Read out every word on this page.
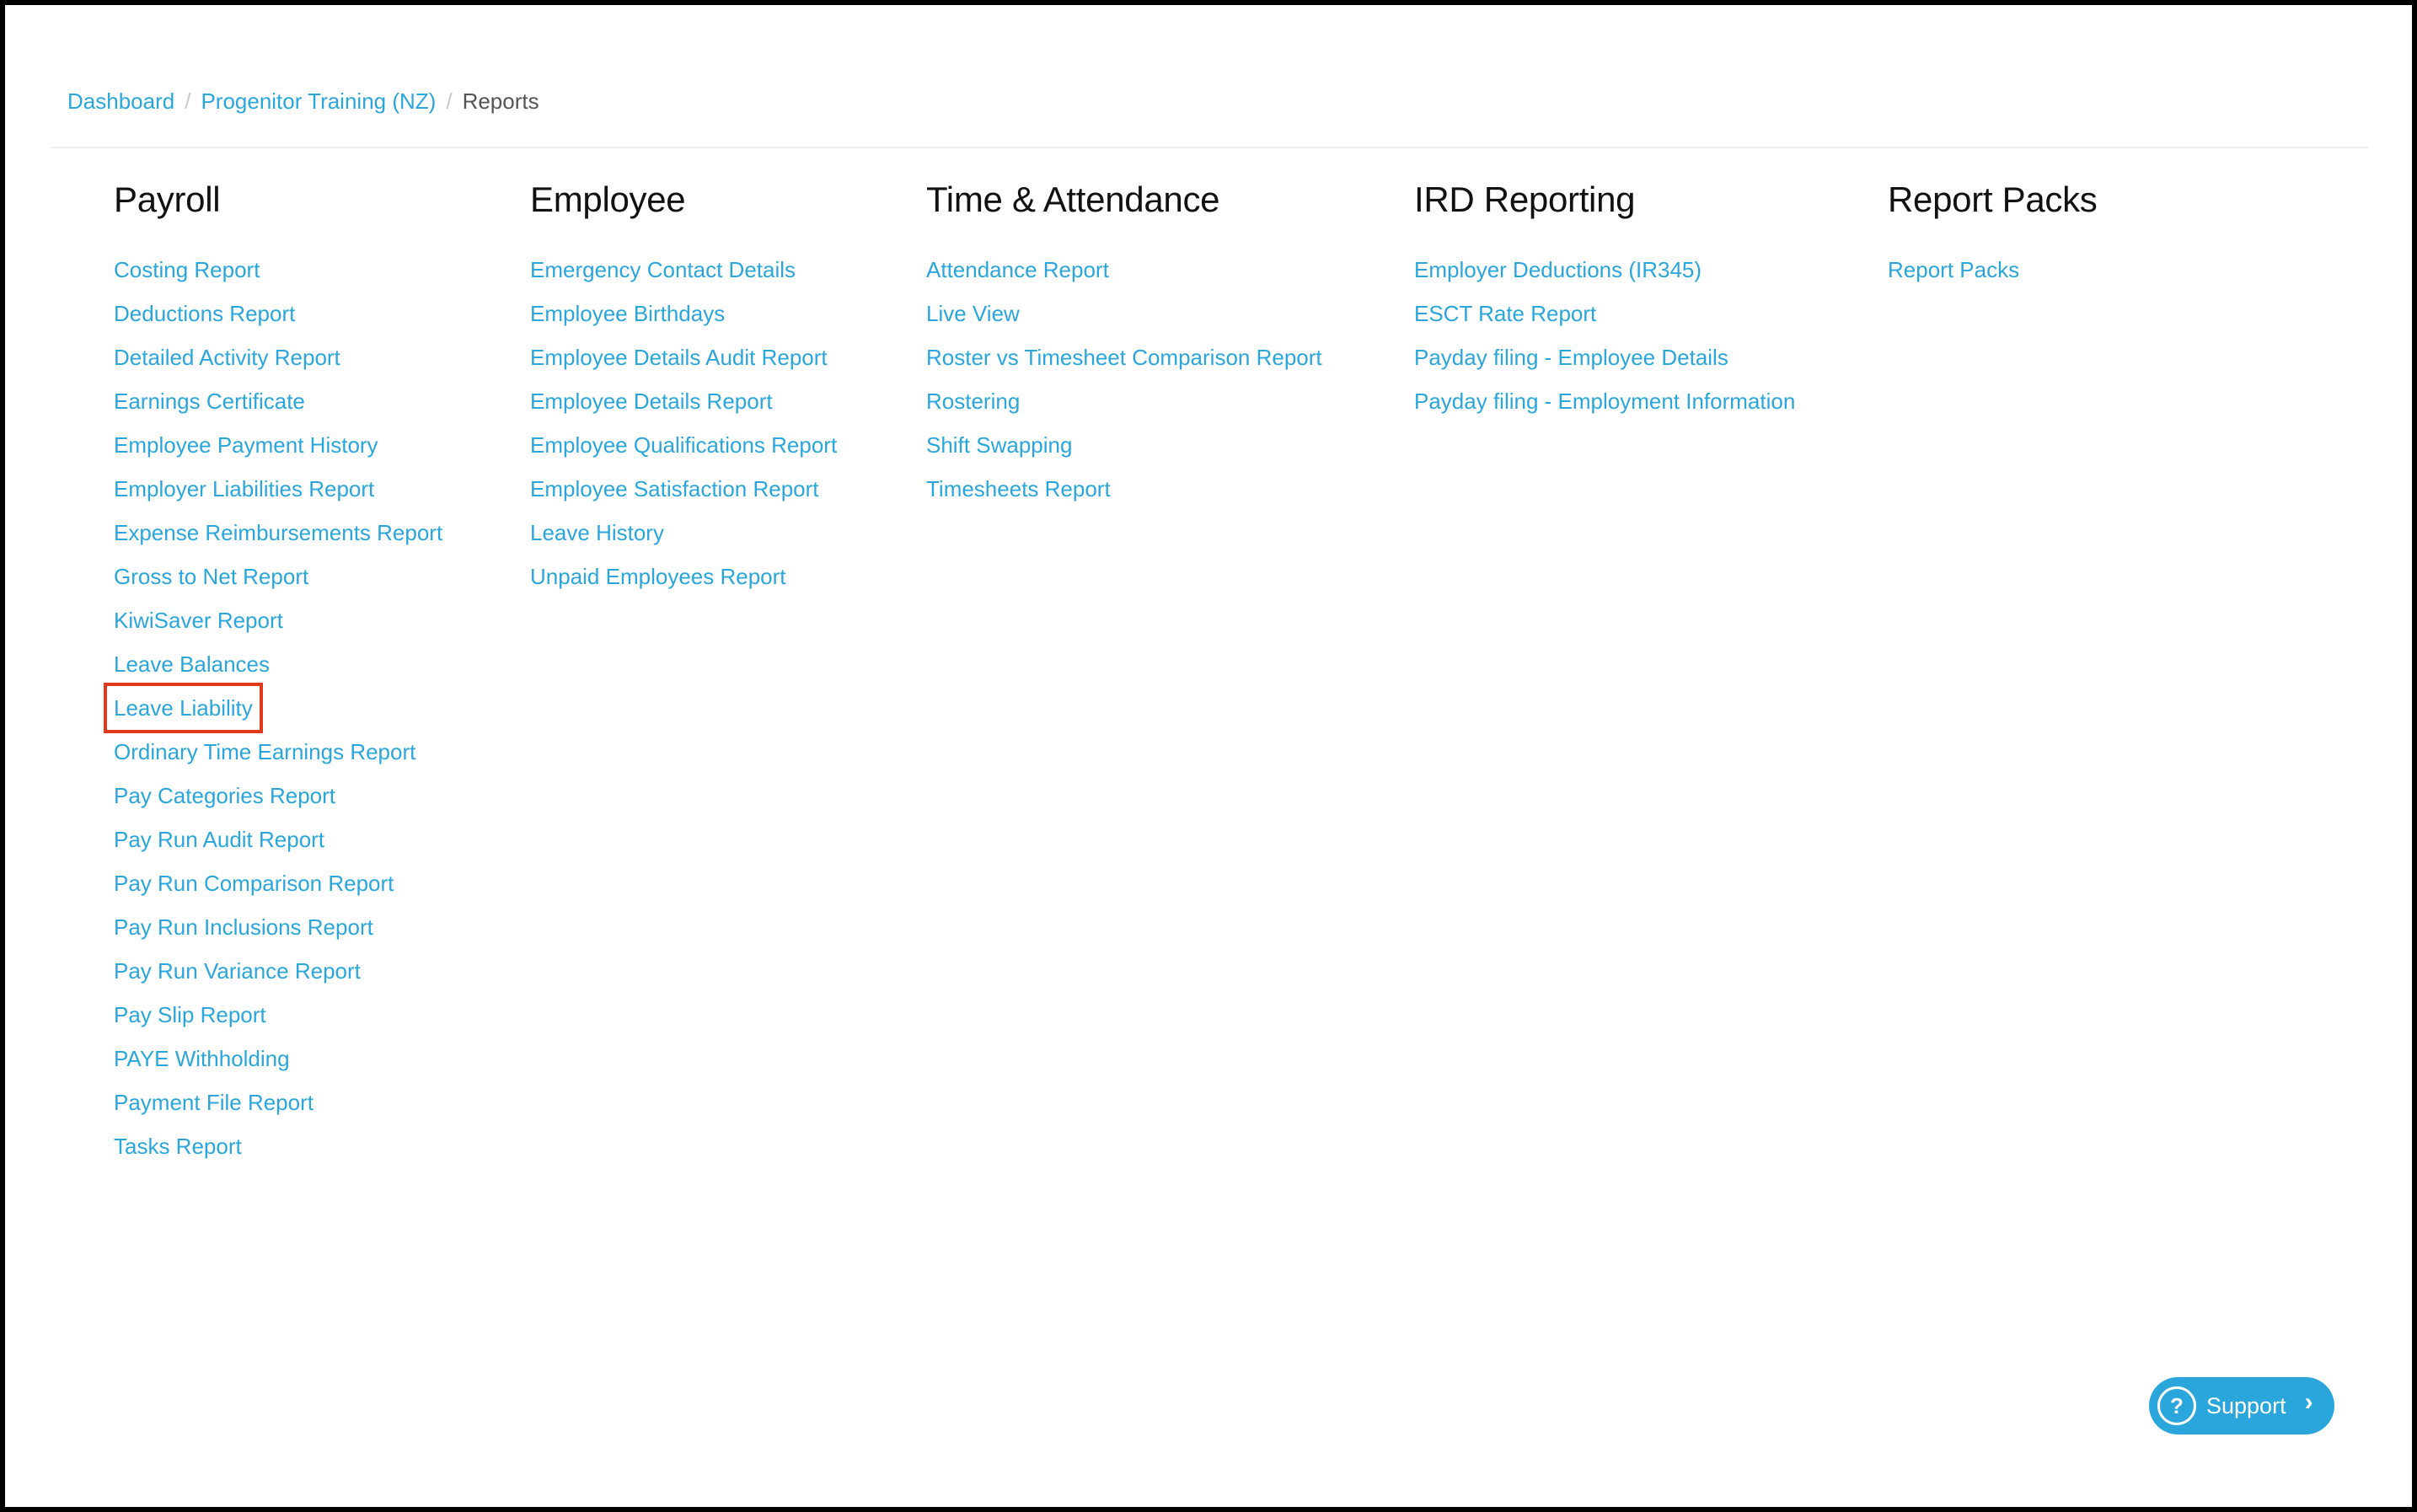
Dashboard / Progenitor Training (NZ) / Reports
Payroll
Costing Report
Deductions Report
Detailed Activity Report
Earnings Certificate
Employee Payment History
Employer Liabilities Report
Expense Reimbursements Report
Gross to Net Report
KiwiSaver Report
Leave Balances
Leave Liability
Ordinary Time Earnings Report
Pay Categories Report
Pay Run Audit Report
Pay Run Comparison Report
Pay Run Inclusions Report
Pay Run Variance Report
Pay Slip Report
PAYE Withholding
Payment File Report
Tasks Report
Employee
Emergency Contact Details
Employee Birthdays
Employee Details Audit Report
Employee Details Report
Employee Qualifications Report
Employee Satisfaction Report
Leave History
Unpaid Employees Report
Time & Attendance
Attendance Report
Live View
Roster vs Timesheet Comparison Report
Rostering
Shift Swapping
Timesheets Report
IRD Reporting
Employer Deductions (IR345)
ESCT Rate Report
Payday filing - Employee Details
Payday filing - Employment Information
Report Packs
Report Packs
?	Support ›
